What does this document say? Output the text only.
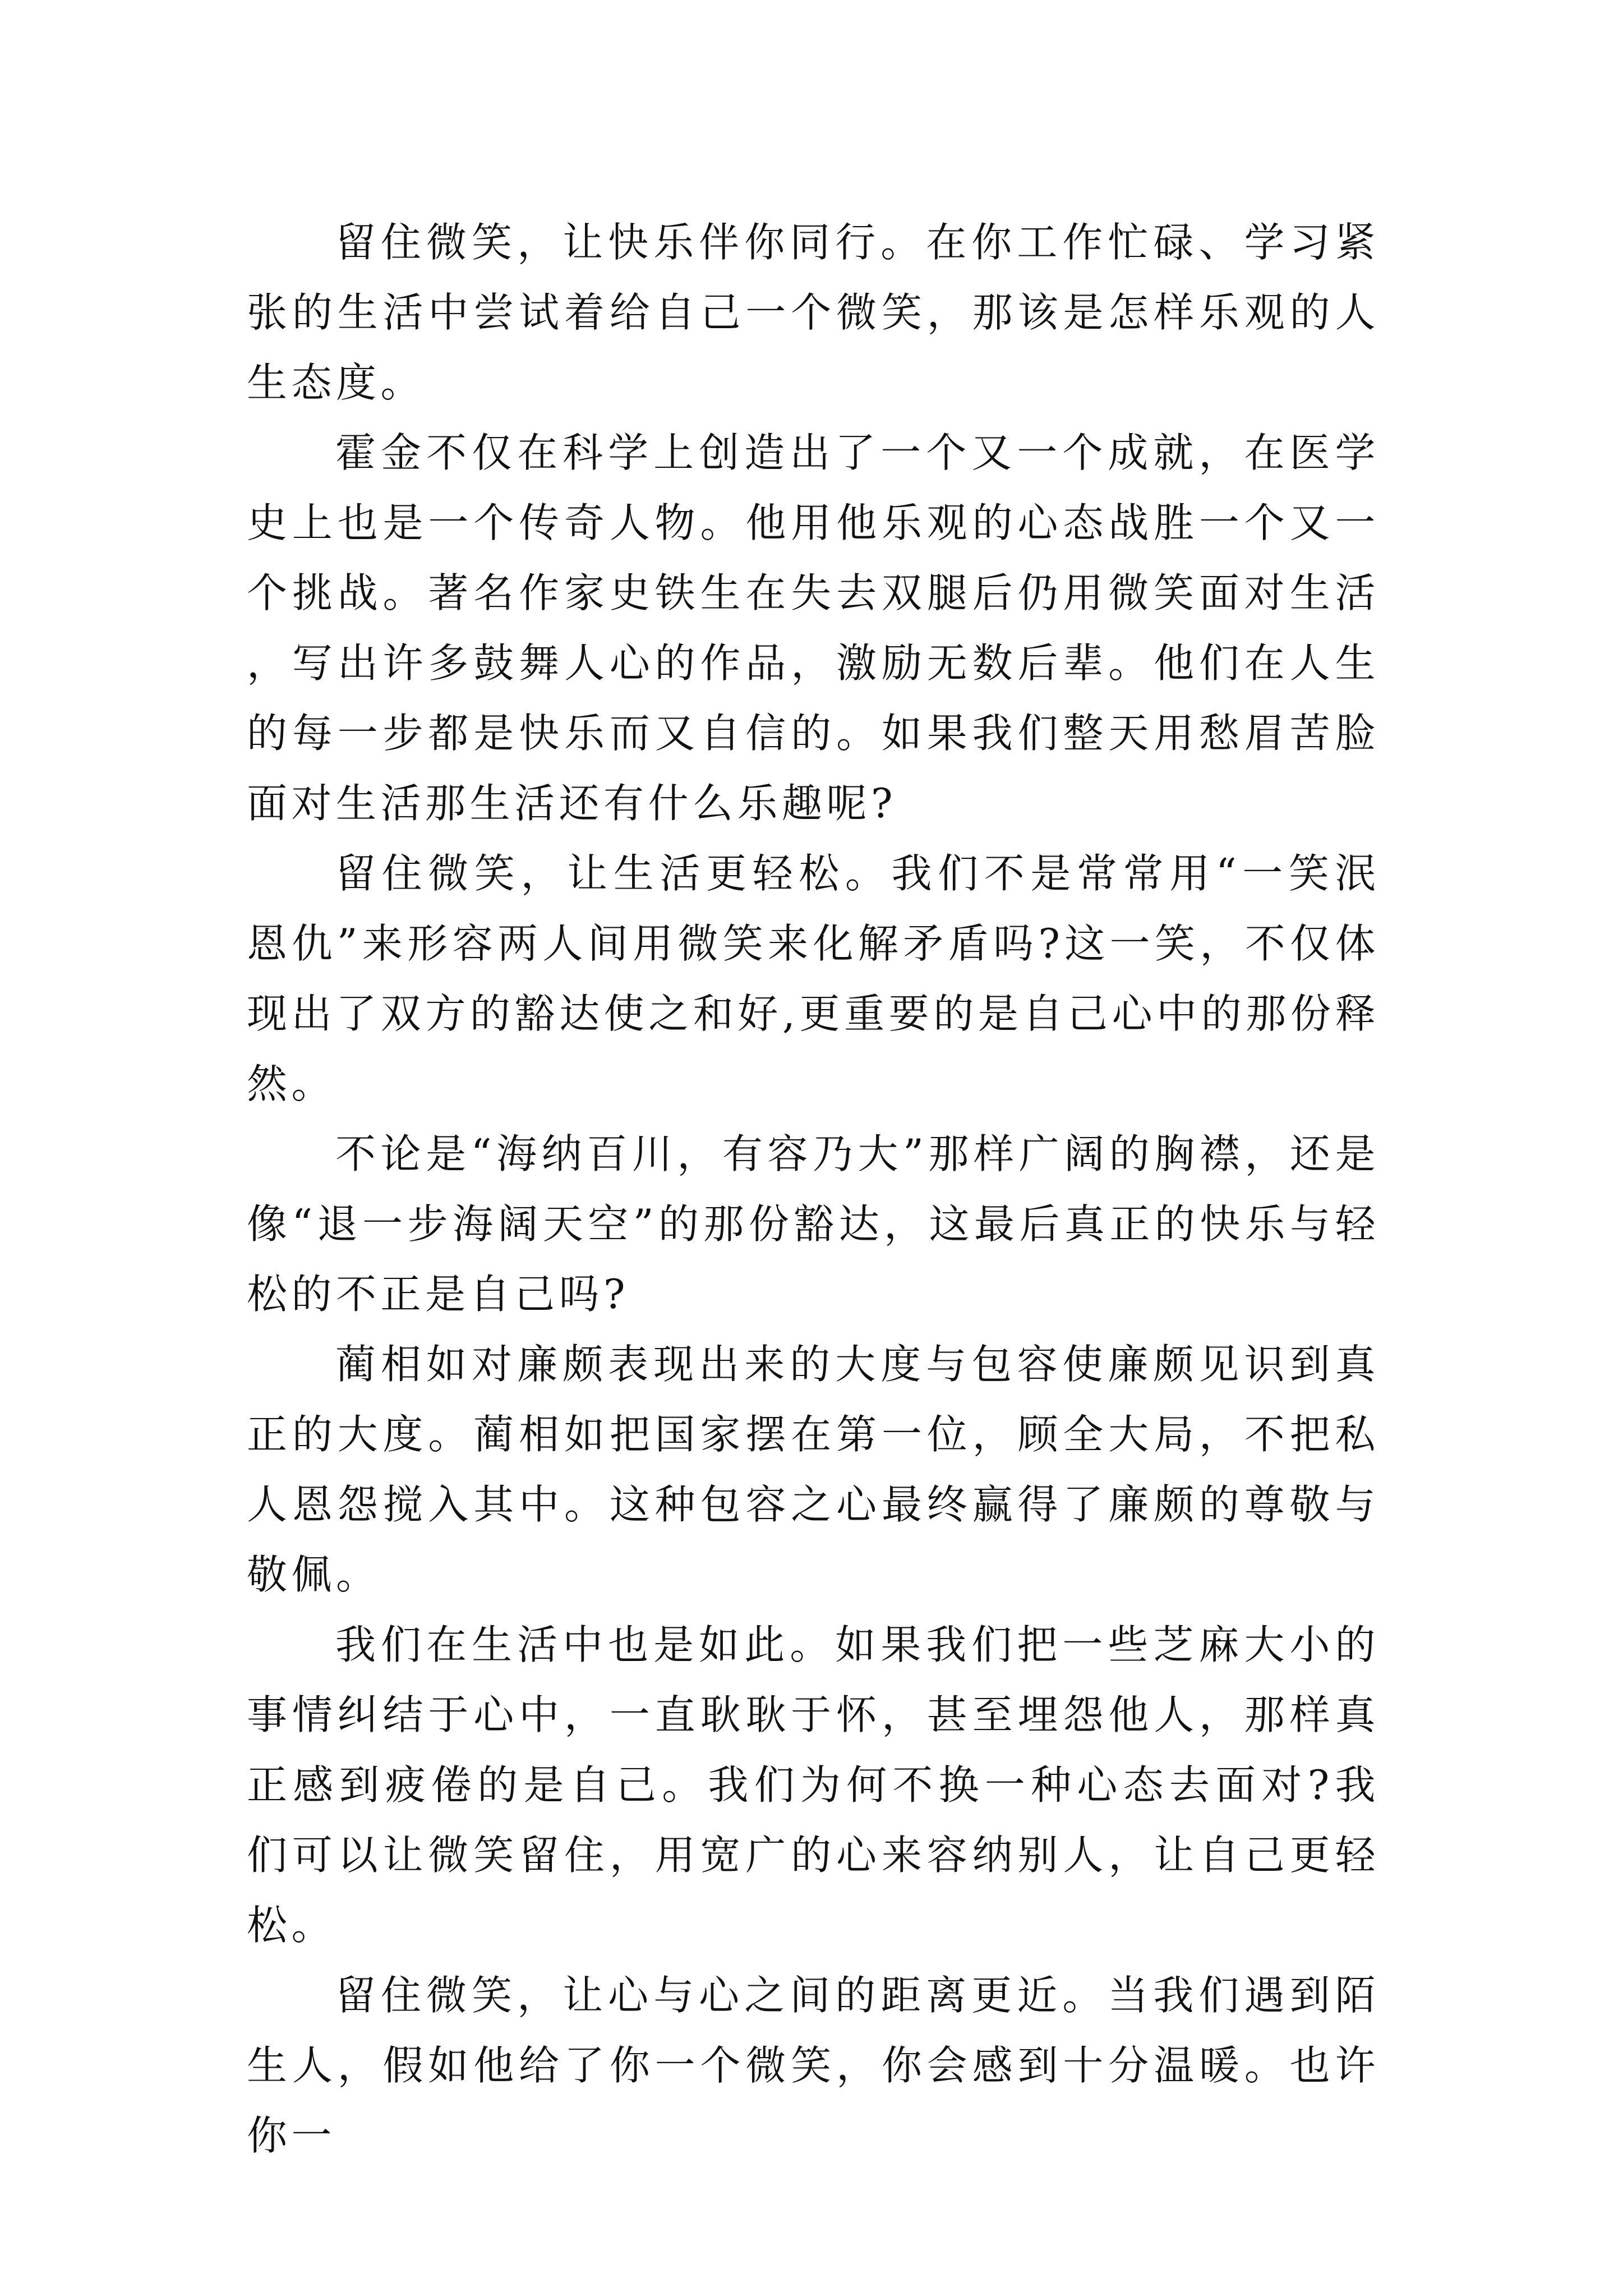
留住微笑，让快乐伴你同行。在你工作忙碌、学习紧张的生活中尝试着给自己一个微笑，那该是怎样乐观的人生态度。

霍金不仅在科学上创造出了一个又一个成就，在医学史上也是一个传奇人物。他用他乐观的心态战胜一个又一个挑战。著名作家史铁生在失去双腿后仍用微笑面对生活，写出许多鼓舞人心的作品，激励无数后辈。他们在人生的每一步都是快乐而又自信的。如果我们整天用愁眉苦脸面对生活那生活还有什么乐趣呢?

留住微笑，让生活更轻松。我们不是常常用“一笑泯恩仇”来形容两人间用微笑来化解矛盾吗?这一笑，不仅体现出了双方的豁达使之和好,更重要的是自己心中的那份释然。

不论是“海纳百川，有容乃大”那样广阔的胸襟，还是像“退一步海阔天空”的那份豁达，这最后真正的快乐与轻松的不正是自己吗?

蔺相如对廉颇表现出来的大度与包容使廉颇见识到真正的大度。蔺相如把国家摆在第一位，顾全大局，不把私人恩怨搅入其中。这种包容之心最终赢得了廉颇的尊敬与敬佩。

我们在生活中也是如此。如果我们把一些芝麻大小的事情纠结于心中，一直耿耿于怀，甚至埋怨他人，那样真正感到疲倦的是自己。我们为何不换一种心态去面对?我们可以让微笑留住，用宽广的心来容纳别人，让自己更轻松。

留住微笑，让心与心之间的距离更近。当我们遇到陌生人，假如他给了你一个微笑，你会感到十分温暖。也许你一
